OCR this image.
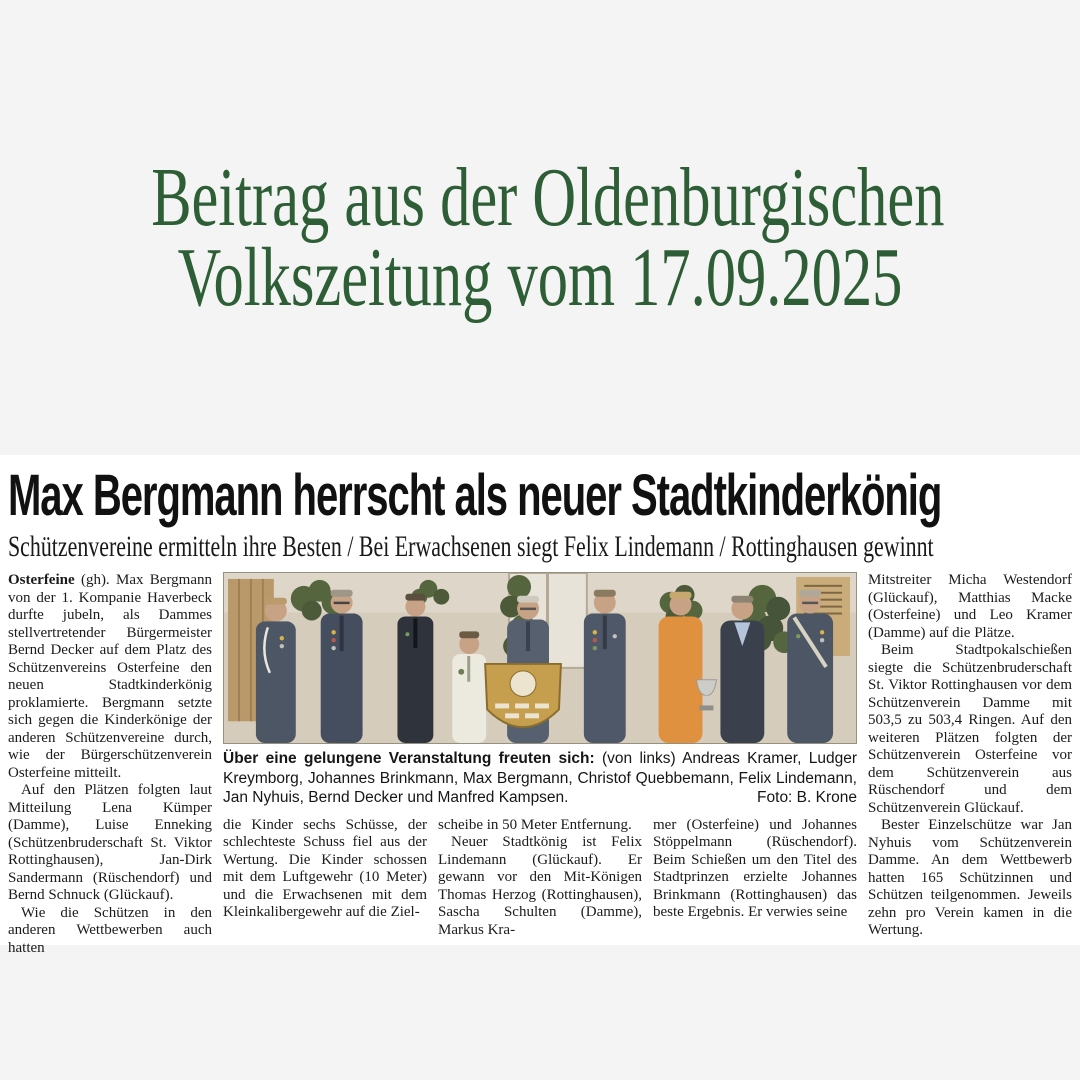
Beitrag aus der Oldenburgischen
Volkszeitung vom 17.09.2025
Max Bergmann herrscht als neuer Stadtkinderkönig
Schützenvereine ermitteln ihre Besten / Bei Erwachsenen siegt Felix Lindemann / Rottinghausen gewinnt

Osterfeine (gh). Max Bergmann von der 1. Kompanie Haverbeck durfte jubeln, als Dammes stellvertretender Bürgermeister Bernd Decker auf dem Platz des Schützenvereins Osterfeine den neuen Stadtkinderkönig proklamierte. Bergmann setzte sich gegen die Kinderkönige der anderen Schützenvereine durch, wie der Bürgerschützenverein Osterfeine mitteilt.

Auf den Plätzen folgten laut Mitteilung Lena Kümper (Damme), Luise Enneking (Schützenbruderschaft St. Viktor Rottinghausen), Jan-Dirk Sandermann (Rüschendorf) und Bernd Schnuck (Glückauf).

Wie die Schützen in den anderen Wettbewerben auch hatten

Über eine gelungene Veranstaltung freuten sich: (von links) Andreas Kramer, Ludger Kreymborg, Johannes Brinkmann, Max Bergmann, Christof Quebbemann, Felix Lindemann, Jan Nyhuis, Bernd Decker und Manfred Kampsen.	Foto: B. Krone

die Kinder sechs Schüsse, der schlechteste Schuss fiel aus der Wertung. Die Kinder schossen mit dem Luftgewehr (10 Meter) und die Erwachsenen mit dem Kleinkalibergewehr auf die Ziel-

scheibe in 50 Meter Entfernung.

Neuer Stadtkönig ist Felix Lindemann (Glückauf). Er gewann vor den Mit-Königen Thomas Herzog (Rottinghausen), Sascha Schulten (Damme), Markus Kra-

mer (Osterfeine) und Johannes Stöppelmann (Rüschendorf). Beim Schießen um den Titel des Stadtprinzen erzielte Johannes Brinkmann (Rottinghausen) das beste Ergebnis. Er verwies seine

Mitstreiter Micha Westendorf (Glückauf), Matthias Macke (Osterfeine) und Leo Kramer (Damme) auf die Plätze.

Beim Stadtpokalschießen siegte die Schützenbruderschaft St. Viktor Rottinghausen vor dem Schützenverein Damme mit 503,5 zu 503,4 Ringen. Auf den weiteren Plätzen folgten der Schützenverein Osterfeine vor dem Schützenverein aus Rüschendorf und dem Schützenverein Glückauf.

Bester Einzelschütze war Jan Nyhuis vom Schützenverein Damme. An dem Wettbewerb hatten 165 Schützinnen und Schützen teilgenommen. Jeweils zehn pro Verein kamen in die Wertung.
